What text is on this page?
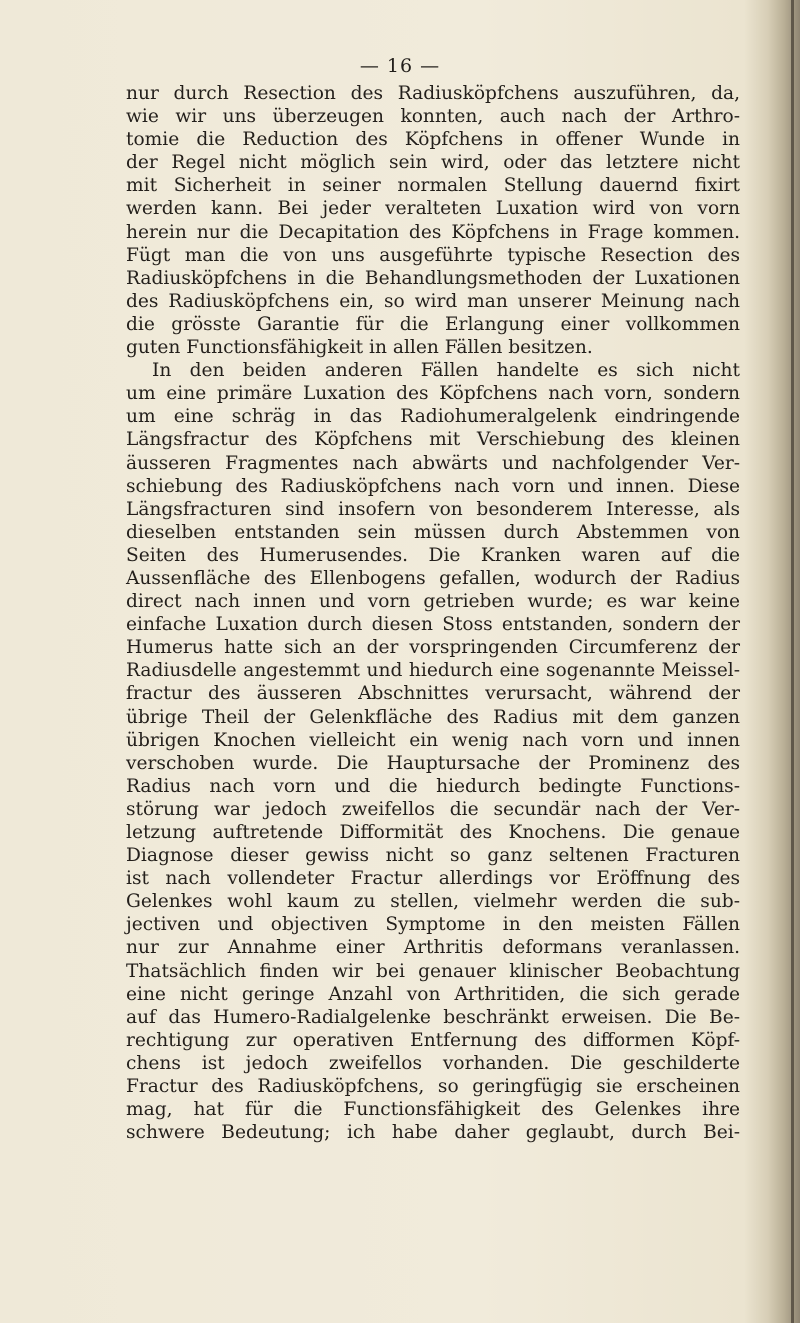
— 16 —
nur durch Resection des Radiusköpfchens auszuführen, da,
wie wir uns überzeugen konnten, auch nach der Arthro-
tomie die Reduction des Köpfchens in offener Wunde in
der Regel nicht möglich sein wird, oder das letztere nicht
mit Sicherheit in seiner normalen Stellung dauernd fixirt
werden kann. Bei jeder veralteten Luxation wird von vorn
herein nur die Decapitation des Köpfchens in Frage kommen.
Fügt man die von uns ausgeführte typische Resection des
Radiusköpfchens in die Behandlungsmethoden der Luxationen
des Radiusköpfchens ein, so wird man unserer Meinung nach
die grösste Garantie für die Erlangung einer vollkommen
guten Functionsfähigkeit in allen Fällen besitzen.
In den beiden anderen Fällen handelte es sich nicht
um eine primäre Luxation des Köpfchens nach vorn, sondern
um eine schräg in das Radiohumeralgelenk eindringende
Längsfractur des Köpfchens mit Verschiebung des kleinen
äusseren Fragmentes nach abwärts und nachfolgender Ver-
schiebung des Radiusköpfchens nach vorn und innen. Diese
Längsfracturen sind insofern von besonderem Interesse, als
dieselben entstanden sein müssen durch Abstemmen von
Seiten des Humerusendes. Die Kranken waren auf die
Aussenfläche des Ellenbogens gefallen, wodurch der Radius
direct nach innen und vorn getrieben wurde; es war keine
einfache Luxation durch diesen Stoss entstanden, sondern der
Humerus hatte sich an der vorspringenden Circumferenz der
Radiusdelle angestemmt und hiedurch eine sogenannte Meissel-
fractur des äusseren Abschnittes verursacht, während der
übrige Theil der Gelenkfläche des Radius mit dem ganzen
übrigen Knochen vielleicht ein wenig nach vorn und innen
verschoben wurde. Die Hauptursache der Prominenz des
Radius nach vorn und die hiedurch bedingte Functions-
störung war jedoch zweifellos die secundär nach der Ver-
letzung auftretende Difformität des Knochens. Die genaue
Diagnose dieser gewiss nicht so ganz seltenen Fracturen
ist nach vollendeter Fractur allerdings vor Eröffnung des
Gelenkes wohl kaum zu stellen, vielmehr werden die sub-
jectiven und objectiven Symptome in den meisten Fällen
nur zur Annahme einer Arthritis deformans veranlassen.
Thatsächlich finden wir bei genauer klinischer Beobachtung
eine nicht geringe Anzahl von Arthritiden, die sich gerade
auf das Humero-Radialgelenke beschränkt erweisen. Die Be-
rechtigung zur operativen Entfernung des difformen Köpf-
chens ist jedoch zweifellos vorhanden. Die geschilderte
Fractur des Radiusköpfchens, so geringfügig sie erscheinen
mag, hat für die Functionsfähigkeit des Gelenkes ihre
schwere Bedeutung; ich habe daher geglaubt, durch Bei-
